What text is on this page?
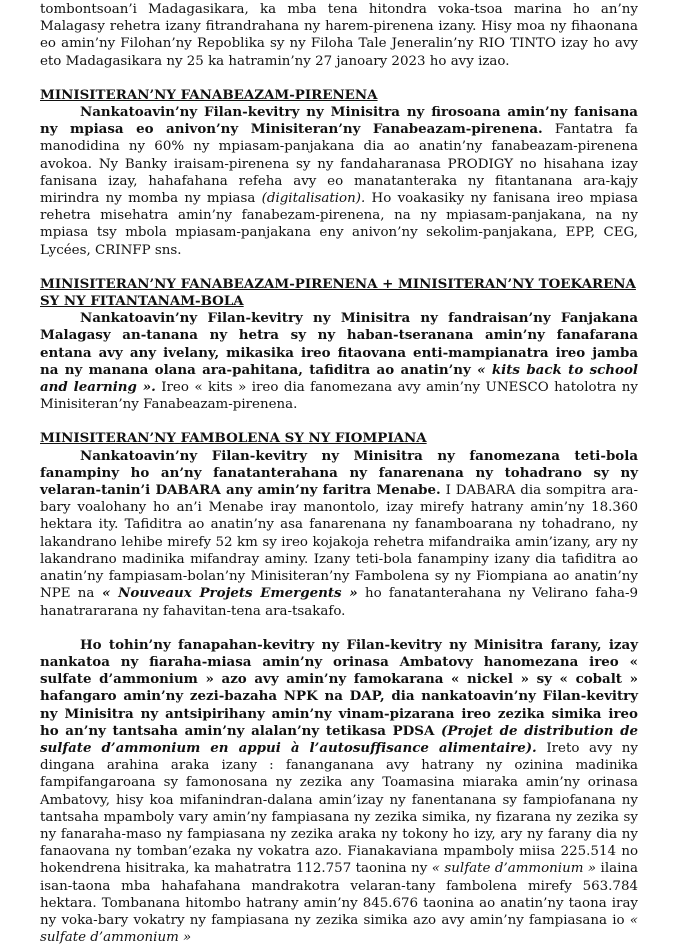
tombontsoan’i Madagasikara, ka mba tena hitondra voka-tsoa marina ho an’ny Malagasy rehetra izany fitrandrahana ny harem-pirenena izany. Hisy moa ny fihaonana eo amin’ny Filohan’ny Repoblika sy ny Filoha Tale Jeneralin’ny RIO TINTO izay ho avy eto Madagasikara ny 25 ka hatramin’ny 27 janoary 2023 ho avy izao.

MINISITERAN’NY FANABEAZAM-PIRENENA

Nankatoavin’ny Filan-kevitry ny Minisitra ny firosoana amin’ny fanisana ny mpiasa eo anivon’ny Minisiteran’ny Fanabeazam-pirenena. Fantatra fa manodidina ny 60% ny mpiasam-panjakana dia ao anatin’ny fanabeazam-pirenena avokoa. Ny Banky iraisam-pirenena sy ny fandaharanasa PRODIGY no hisahana izay fanisana izay, hahafahana refeha avy eo manatanteraka ny fitantanana ara-kajy mirindra ny momba ny mpiasa (digitalisation). Ho voakasiky ny fanisana ireo mpiasa rehetra misehatra amin’ny fanabezam-pirenena, na ny mpiasam-panjakana, na ny mpiasa tsy mbola mpiasam-panjakana eny anivon’ny sekolim-panjakana, EPP, CEG, Lycées, CRINFP sns.

MINISITERAN’NY FANABEAZAM-PIRENENA + MINISITERAN’NY TOEKARENA SY NY FITANTANAM-BOLA

Nankatoavin’ny Filan-kevitry ny Minisitra ny fandraisan’ny Fanjakana Malagasy an-tanana ny hetra sy ny haban-tseranana amin’ny fanafarana entana avy any ivelany, mikasika ireo fitaovana enti-mampianatra ireo jamba na ny manana olana ara-pahitana, tafiditra ao anatin’ny « kits back to school and learning ». Ireo « kits » ireo dia fanomezana avy amin’ny UNESCO hatolotra ny Minisiteran’ny Fanabeazam-pirenena.

MINISITERAN’NY FAMBOLENA SY NY FIOMPIANA

Nankatoavin’ny Filan-kevitry ny Minisitra ny fanomezana teti-bola fanampiny ho an’ny fanatanterahana ny fanarenana ny tohadrano sy ny velaran-tanin’i DABARA any amin’ny faritra Menabe. I DABARA dia sompitra ara-bary voalohany ho an’i Menabe iray manontolo, izay mirefy hatrany amin’ny 18.360 hektara ity. Tafiditra ao anatin’ny asa fanarenana ny fanamboarana ny tohadrano, ny lakandrano lehibe mirefy 52 km sy ireo kojakoja rehetra mifandraika amin’izany, ary ny lakandrano madinika mifandray aminy. Izany teti-bola fanampiny izany dia tafiditra ao anatin’ny fampiasam-bolan’ny Minisiteran’ny Fambolena sy ny Fiompiana ao anatin’ny NPE na « Nouveaux Projets Emergents » ho fanatanterahana ny Velirano faha-9 hanatrararana ny fahavitan-tena ara-tsakafo.

Ho tohin’ny fanapahan-kevitry ny Filan-kevitry ny Minisitra farany, izay nankatoa ny fiaraha-miasa amin’ny orinasa Ambatovy hanomezana ireo « sulfate d’ammonium » azo avy amin’ny famokarana « nickel » sy « cobalt » hafangaro amin’ny zezi-bazaha NPK na DAP, dia nankatoavin’ny Filan-kevitry ny Minisitra ny antsipirihany amin’ny vinam-pizarana ireo zezika simika ireo ho an’ny tantsaha amin’ny alalan’ny tetikasa PDSA (Projet de distribution de sulfate d’ammonium en appui à l’autosuffisance alimentaire). Ireto avy ny dingana arahina araka izany : fananganana avy hatrany ny ozinina madinika fampifangaroana sy famonosana ny zezika any Toamasina miaraka amin’ny orinasa Ambatovy, hisy koa mifanindran-dalana amin’izay ny fanentanana sy fampiofanana ny tantsaha mpamboly vary amin’ny fampiasana ny zezika simika, ny fizarana ny zezika sy ny fanaraha-maso ny fampiasana ny zezika araka ny tokony ho izy, ary ny farany dia ny fanaovana ny tomban’ezaka ny vokatra azo. Fianakaviana mpamboly miisa 225.514 no hokendrena hisitraka, ka mahatratra 112.757 taonina ny « sulfate d’ammonium » ilaina isan-taona mba hahafahana mandrakotra velaran-tany fambolena mirefy 563.784 hektara. Tombanana hitombo hatrany amin’ny 845.676 taonina ao anatin’ny taona iray ny voka-bary vokatry ny fampiasana ny zezika simika azo avy amin’ny fampiasana io « sulfate d’ammonium »
